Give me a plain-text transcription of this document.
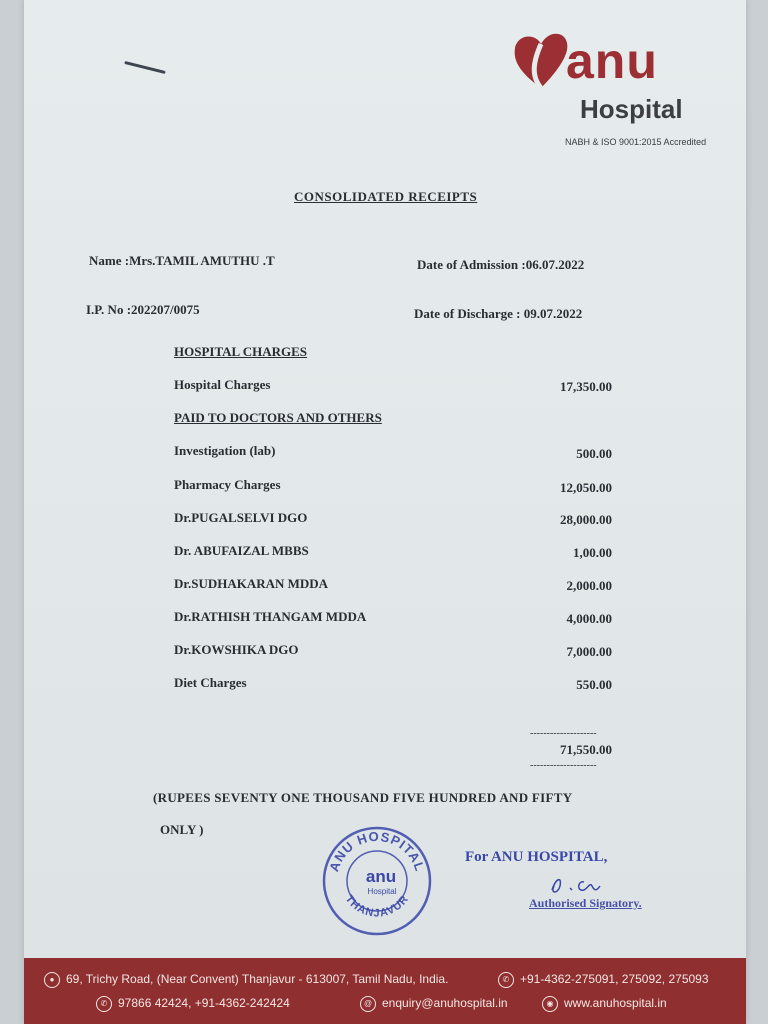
anu
Hospital
NABH & ISO 9001:2015 Accredited
CONSOLIDATED RECEIPTS
Name :Mrs.TAMIL AMUTHU .T	Date of Admission :06.07.2022
I.P. No :202207/0075	Date of Discharge : 09.07.2022
HOSPITAL CHARGES
Hospital Charges	17,350.00
PAID TO DOCTORS AND OTHERS
Investigation (lab)	500.00
Pharmacy Charges	12,050.00
Dr.PUGALSELVI DGO	28,000.00
Dr. ABUFAIZAL MBBS	1,00.00
Dr.SUDHAKARAN MDDA	2,000.00
Dr.RATHISH THANGAM MDDA	4,000.00
Dr.KOWSHIKA DGO	7,000.00
Diet Charges	550.00
--------------------
71,550.00
--------------------
(RUPEES SEVENTY ONE THOUSAND FIVE HUNDRED AND FIFTY
ONLY )
ANU HOSPITAL
THANJAVUR
anu
Hospital
For ANU HOSPITAL,
Authorised Signatory.
● 69, Trichy Road, (Near Convent) Thanjavur - 613007, Tamil Nadu, India.	✆ +91-4362-275091, 275092, 275093
✆ 97866 42424, +91-4362-242424	@ enquiry@anuhospital.in	◉ www.anuhospital.in
